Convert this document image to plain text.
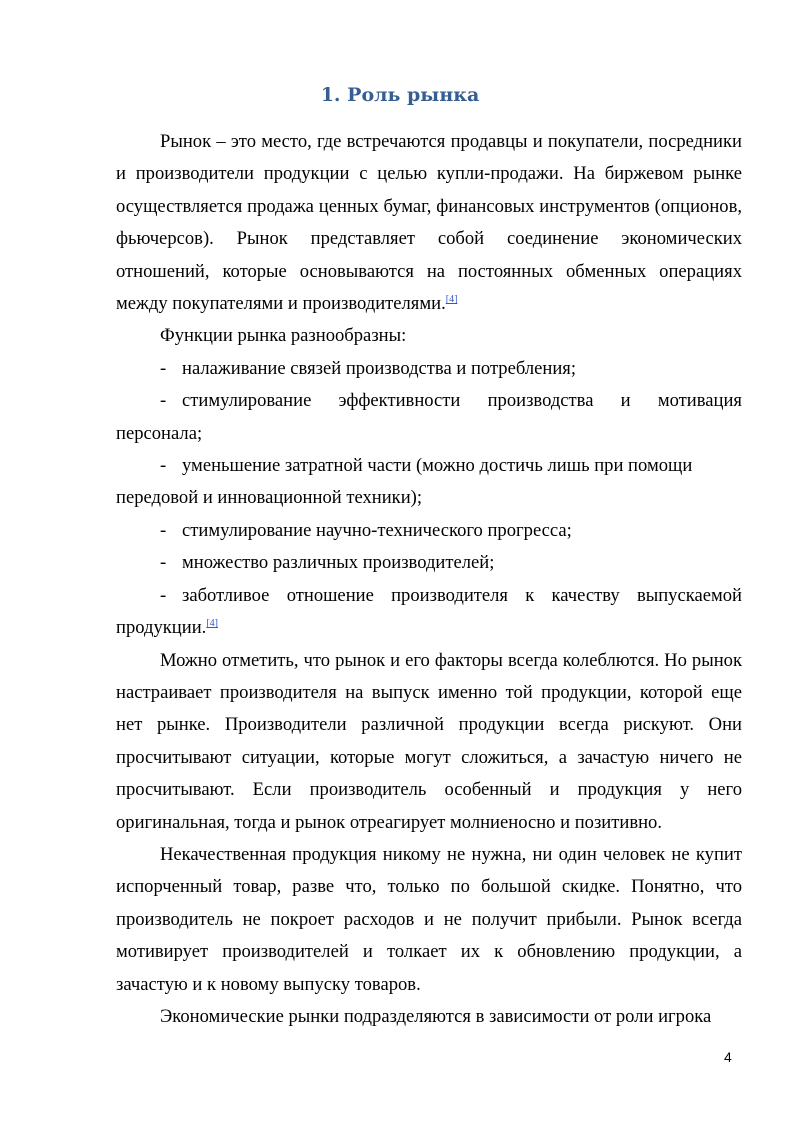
1. Роль рынка

Рынок – это место, где встречаются продавцы и покупатели, посредники и производители продукции с целью купли-продажи. На биржевом рынке осуществляется продажа ценных бумаг, финансовых инструментов (опционов, фьючерсов). Рынок представляет собой соединение экономических отношений, которые основываются на постоянных обменных операциях между покупателями и производителями.[4]

Функции рынка разнообразны:

- налаживание связей производства и потребления;

- стимулирование эффективности производства и мотивация персонала;

- уменьшение затратной части (можно достичь лишь при помощи передовой и инновационной техники);

- стимулирование научно-технического прогресса;

- множество различных производителей;

- заботливое отношение производителя к качеству выпускаемой продукции.[4]

Можно отметить, что рынок и его факторы всегда колеблются. Но рынок настраивает производителя на выпуск именно той продукции, которой еще нет рынке. Производители различной продукции всегда рискуют. Они просчитывают ситуации, которые могут сложиться, а зачастую ничего не просчитывают. Если производитель особенный и продукция у него оригинальная, тогда и рынок отреагирует молниеносно и позитивно.

Некачественная продукция никому не нужна, ни один человек не купит испорченный товар, разве что, только по большой скидке. Понятно, что производитель не покроет расходов и не получит прибыли. Рынок всегда мотивирует производителей и толкает их к обновлению продукции, а зачастую и к новому выпуску товаров.

Экономические рынки подразделяются в зависимости от роли игрока

4
